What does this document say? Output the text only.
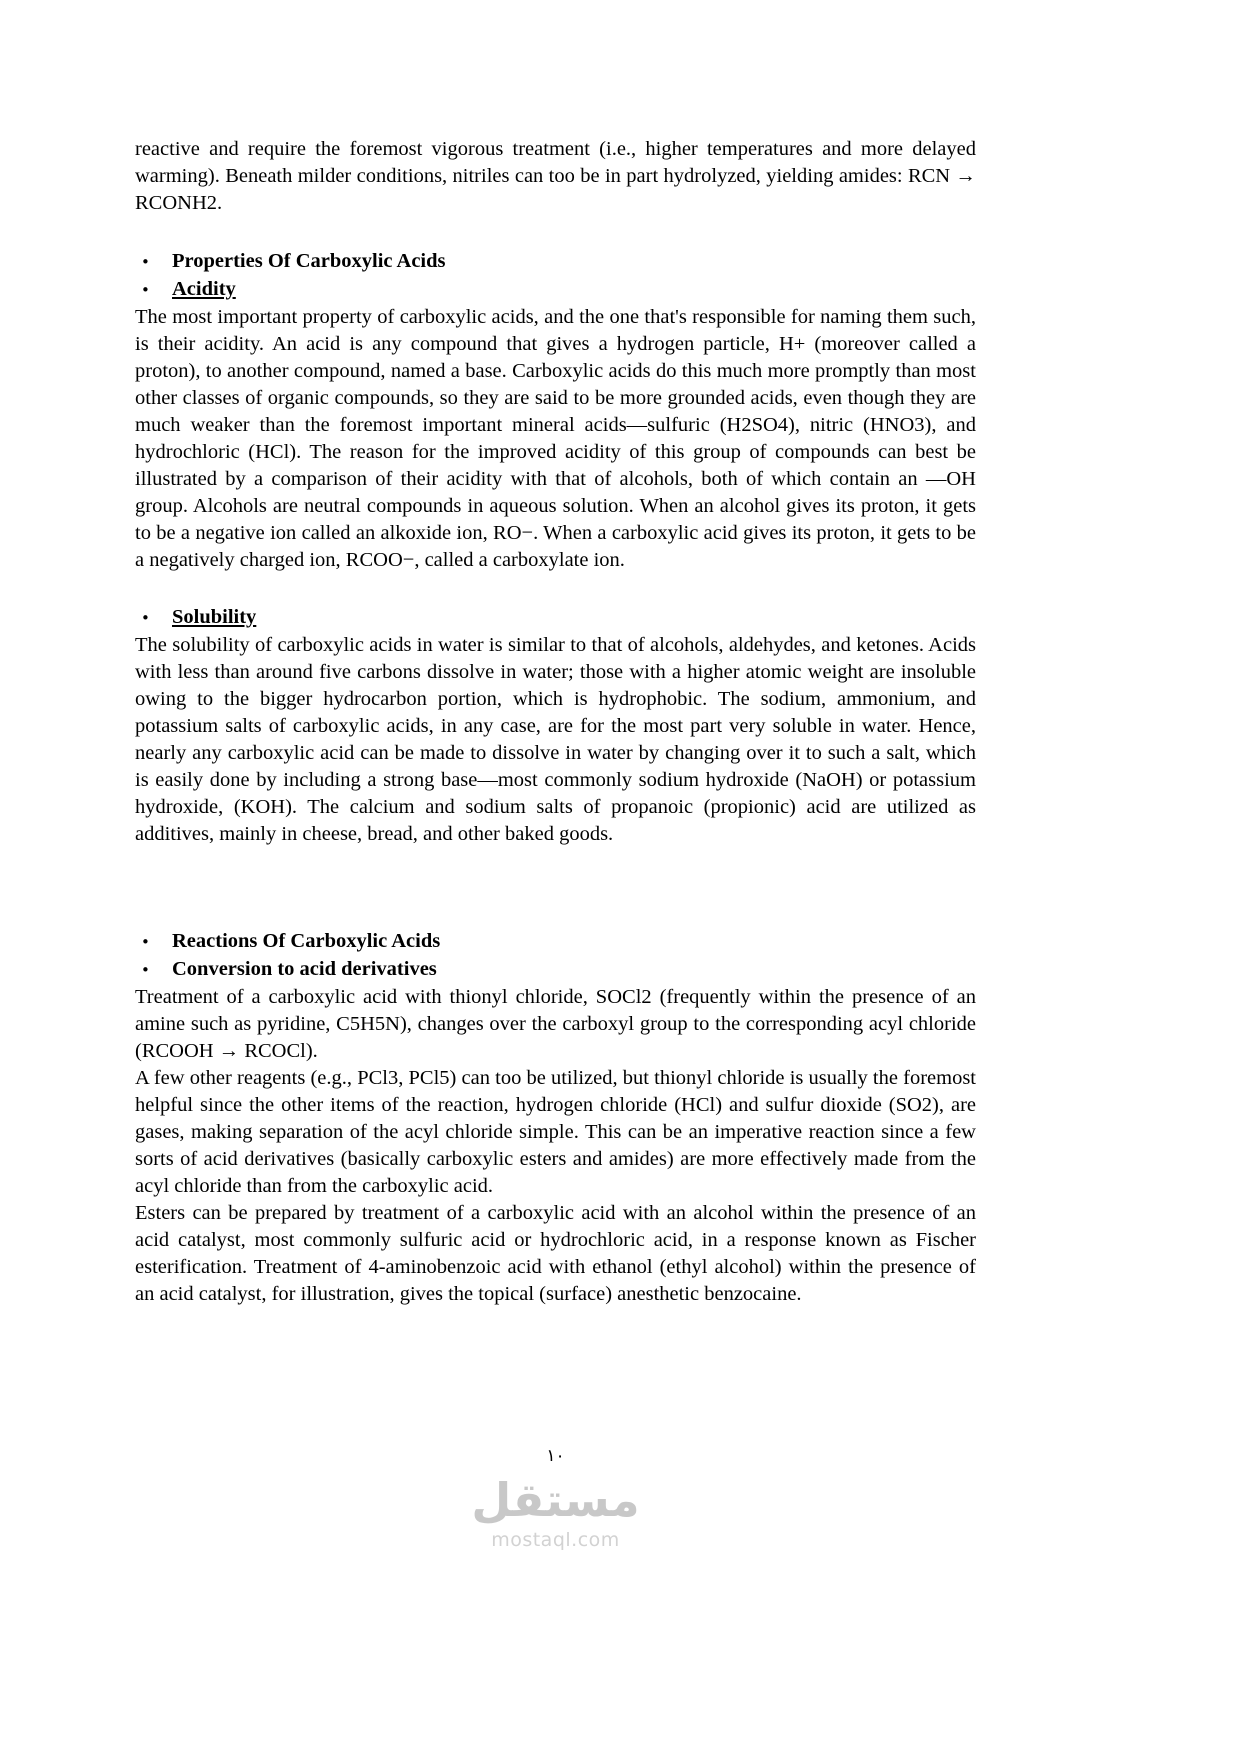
reactive and require the foremost vigorous treatment (i.e., higher temperatures and more delayed warming). Beneath milder conditions, nitriles can too be in part hydrolyzed, yielding amides: RCN → RCONH2.

•	Properties Of Carboxylic Acids
•	Acidity

The most important property of carboxylic acids, and the one that's responsible for naming them such, is their acidity. An acid is any compound that gives a hydrogen particle, H+ (moreover called a proton), to another compound, named a base. Carboxylic acids do this much more promptly than most other classes of organic compounds, so they are said to be more grounded acids, even though they are much weaker than the foremost important mineral acids—sulfuric (H2SO4), nitric (HNO3), and hydrochloric (HCl). The reason for the improved acidity of this group of compounds can best be illustrated by a comparison of their acidity with that of alcohols, both of which contain an —OH group. Alcohols are neutral compounds in aqueous solution. When an alcohol gives its proton, it gets to be a negative ion called an alkoxide ion, RO−. When a carboxylic acid gives its proton, it gets to be a negatively charged ion, RCOO−, called a carboxylate ion.

•	Solubility

The solubility of carboxylic acids in water is similar to that of alcohols, aldehydes, and ketones. Acids with less than around five carbons dissolve in water; those with a higher atomic weight are insoluble owing to the bigger hydrocarbon portion, which is hydrophobic. The sodium, ammonium, and potassium salts of carboxylic acids, in any case, are for the most part very soluble in water. Hence, nearly any carboxylic acid can be made to dissolve in water by changing over it to such a salt, which is easily done by including a strong base—most commonly sodium hydroxide (NaOH) or potassium hydroxide, (KOH). The calcium and sodium salts of propanoic (propionic) acid are utilized as additives, mainly in cheese, bread, and other baked goods.

•	Reactions Of Carboxylic Acids
•	Conversion to acid derivatives

Treatment of a carboxylic acid with thionyl chloride, SOCl2 (frequently within the presence of an amine such as pyridine, C5H5N), changes over the carboxyl group to the corresponding acyl chloride (RCOOH → RCOCl).

A few other reagents (e.g., PCl3, PCl5) can too be utilized, but thionyl chloride is usually the foremost helpful since the other items of the reaction, hydrogen chloride (HCl) and sulfur dioxide (SO2), are gases, making separation of the acyl chloride simple. This can be an imperative reaction since a few sorts of acid derivatives (basically carboxylic esters and amides) are more effectively made from the acyl chloride than from the carboxylic acid.

Esters can be prepared by treatment of a carboxylic acid with an alcohol within the presence of an acid catalyst, most commonly sulfuric acid or hydrochloric acid, in a response known as Fischer esterification. Treatment of 4-aminobenzoic acid with ethanol (ethyl alcohol) within the presence of an acid catalyst, for illustration, gives the topical (surface) anesthetic benzocaine.

١٠
مستقل
mostaql.com
